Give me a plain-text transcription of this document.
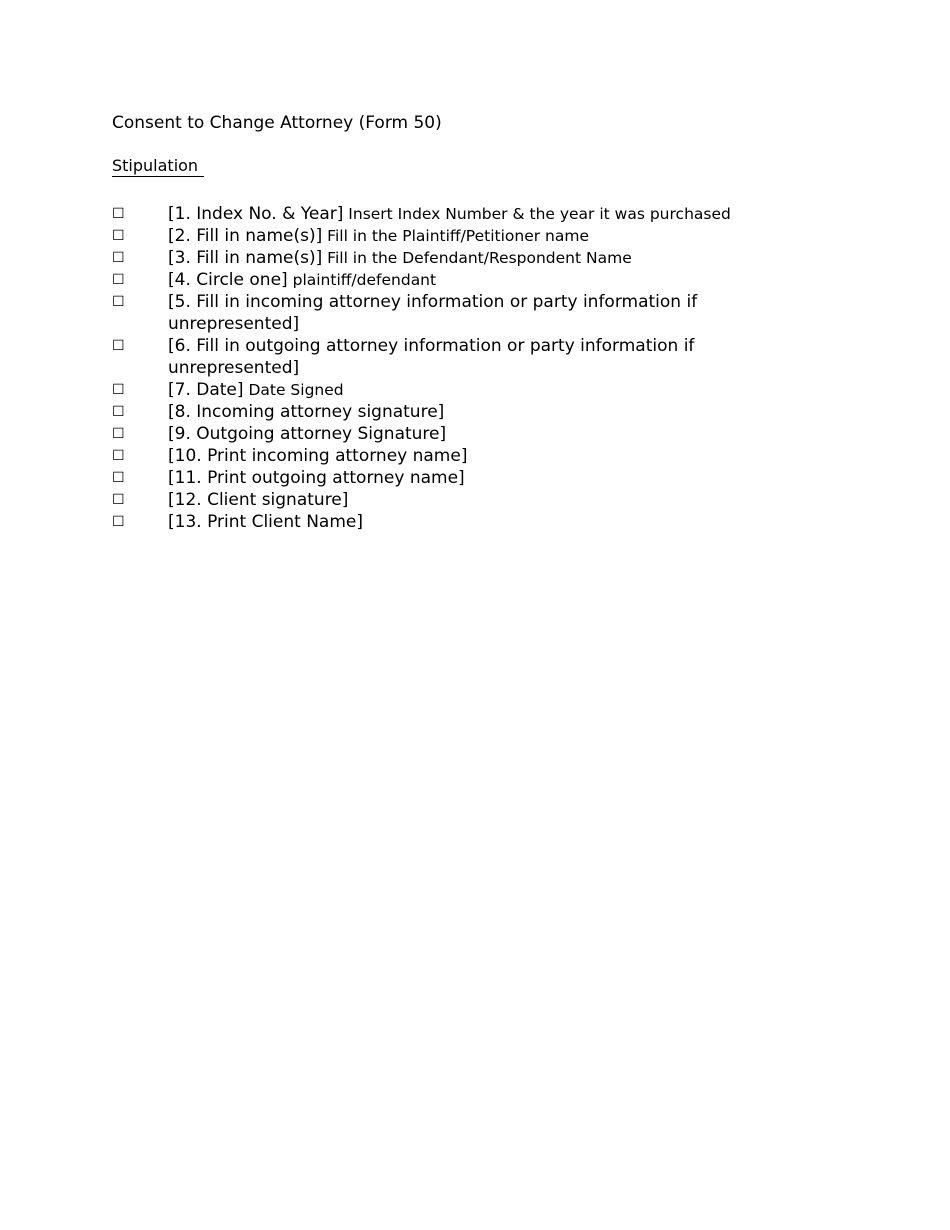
Consent to Change Attorney (Form 50)
Stipulation
☐	[1. Index No. & Year] Insert Index Number & the year it was purchased
☐	[2. Fill in name(s)] Fill in the Plaintiff/Petitioner name
☐	[3. Fill in name(s)] Fill in the Defendant/Respondent Name
☐	[4. Circle one] plaintiff/defendant
☐	[5. Fill in incoming attorney information or party information if unrepresented]
☐	[6. Fill in outgoing attorney information or party information if unrepresented]
☐	[7. Date] Date Signed
☐	[8. Incoming attorney signature]
☐	[9. Outgoing attorney Signature]
☐	[10. Print incoming attorney name]
☐	[11. Print outgoing attorney name]
☐	[12. Client signature]
☐	[13. Print Client Name]
